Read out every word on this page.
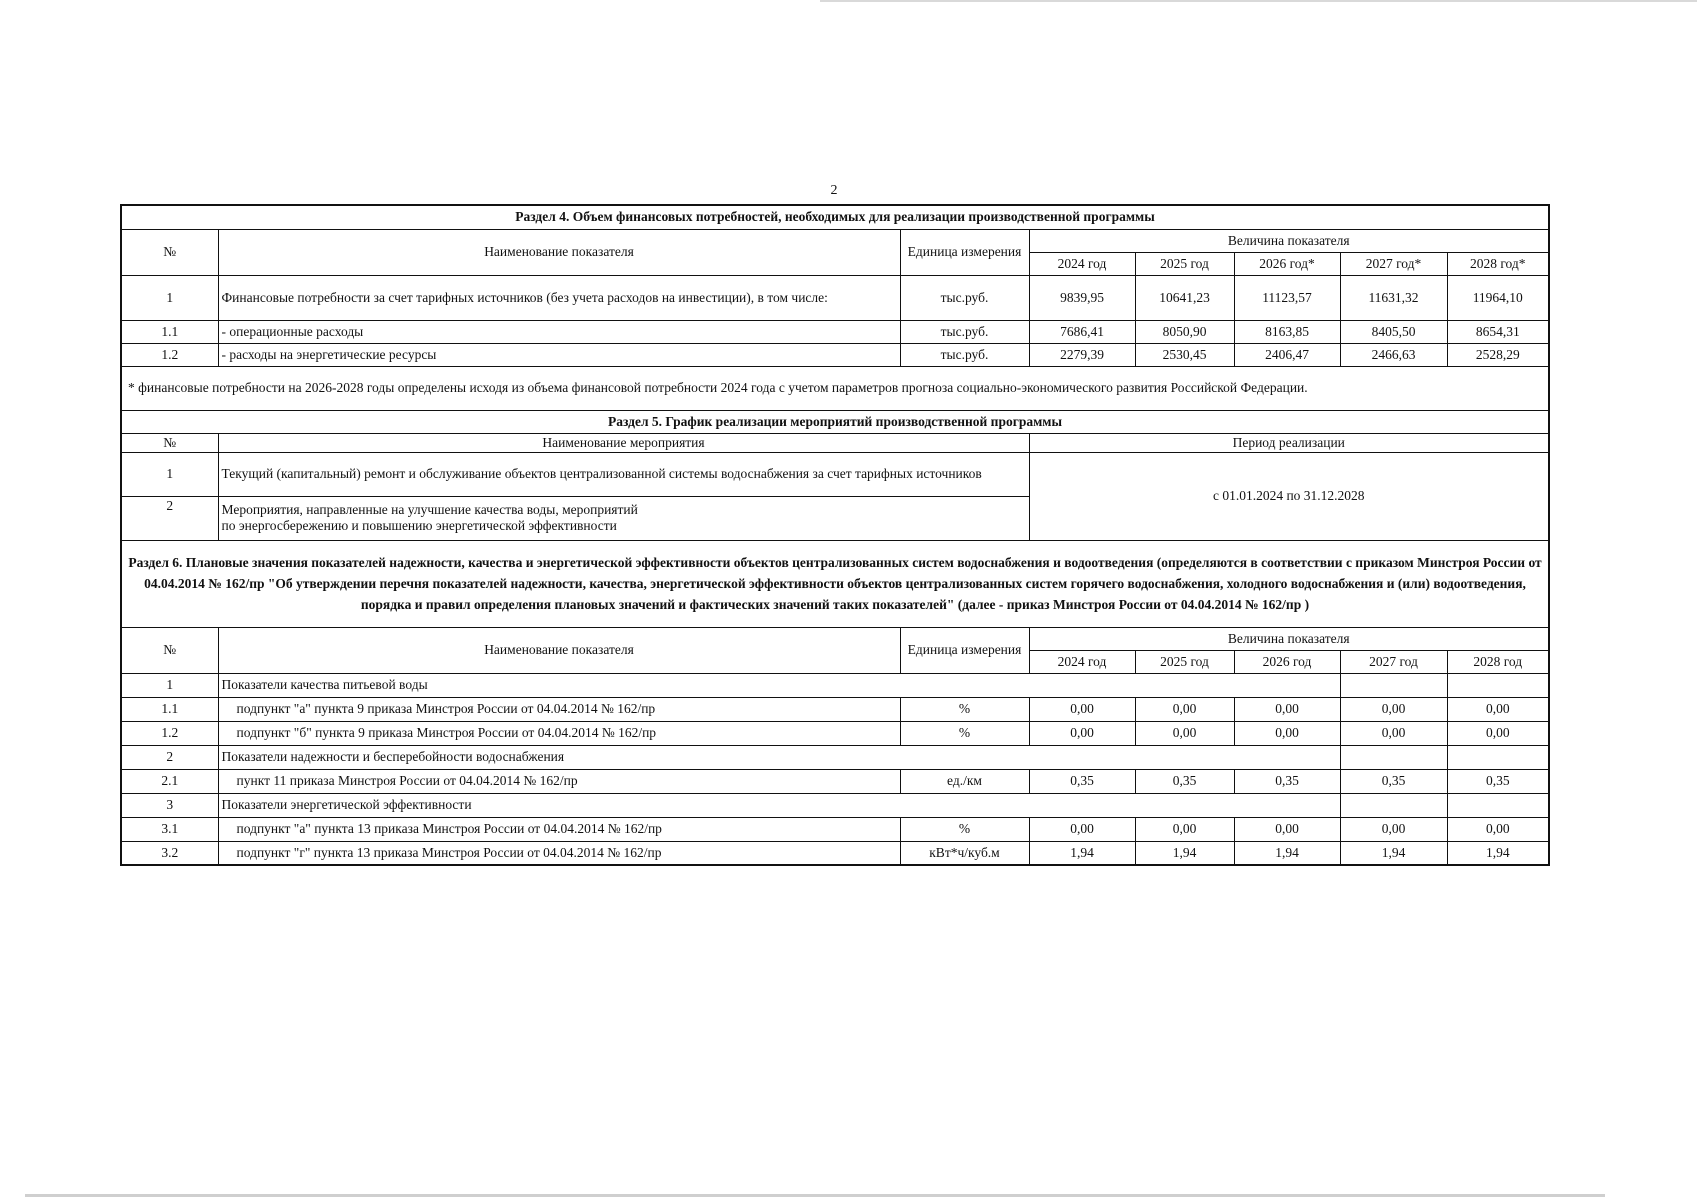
2
Раздел 4. Объем финансовых потребностей, необходимых для реализации производственной программы							
№	Наименование показателя	Единица измерения	Величина показателя				
			2024 год	2025 год	2026 год*	2027 год*	2028 год*
1	Финансовые потребности за счет тарифных источников (без учета расходов на инвестиции), в том числе:	тыс.руб.	9839,95	10641,23	11123,57	11631,32	11964,10
1.1	- операционные расходы	тыс.руб.	7686,41	8050,90	8163,85	8405,50	8654,31
1.2	- расходы на энергетические ресурсы	тыс.руб.	2279,39	2530,45	2406,47	2466,63	2528,29
* финансовые потребности на 2026-2028 годы определены исходя из объема финансовой потребности 2024 года с учетом параметров прогноза социально-экономического развития Российской Федерации.							
Раздел 5. График реализации мероприятий производственной программы							
№	Наименование мероприятия		Период реализации				
1	Текущий (капитальный) ремонт и обслуживание объектов централизованной системы водоснабжения за счет тарифных источников		с 01.01.2024 по 31.12.2028				
2	Мероприятия, направленные на улучшение качества воды, мероприятий
по энергосбережению и повышению энергетической эффективности						

Раздел 6. Плановые значения показателей надежности, качества и энергетической эффективности объектов централизованных систем водоснабжения и водоотведения (определяются в соответствии с приказом Минстроя России от 04.04.2014 № 162/пр "Об утверждении перечня показателей надежности, качества, энергетической эффективности объектов централизованных систем горячего водоснабжения, холодного водоснабжения и (или) водоотведения, порядка и правил определения плановых значений и фактических значений таких показателей" (далее - приказ Минстроя России от 04.04.2014 № 162/пр )							
№	Наименование показателя	Единица измерения	Величина показателя				
			2024 год	2025 год	2026 год	2027 год	2028 год
1	Показатели качества питьевой воды						
1.1	подпункт "а" пункта 9 приказа Минстроя России от 04.04.2014 № 162/пр	%	0,00	0,00	0,00	0,00	0,00
1.2	подпункт "б" пункта 9 приказа Минстроя России от 04.04.2014 № 162/пр	%	0,00	0,00	0,00	0,00	0,00
2	Показатели надежности и бесперебойности водоснабжения						
2.1	пункт 11 приказа Минстроя России от 04.04.2014 № 162/пр	ед./км	0,35	0,35	0,35	0,35	0,35
3	Показатели энергетической эффективности						
3.1	подпункт "а" пункта 13 приказа Минстроя России от 04.04.2014 № 162/пр	%	0,00	0,00	0,00	0,00	0,00
3.2	подпункт "г" пункта 13 приказа Минстроя России от 04.04.2014 № 162/пр	кВт*ч/куб.м	1,94	1,94	1,94	1,94	1,94
